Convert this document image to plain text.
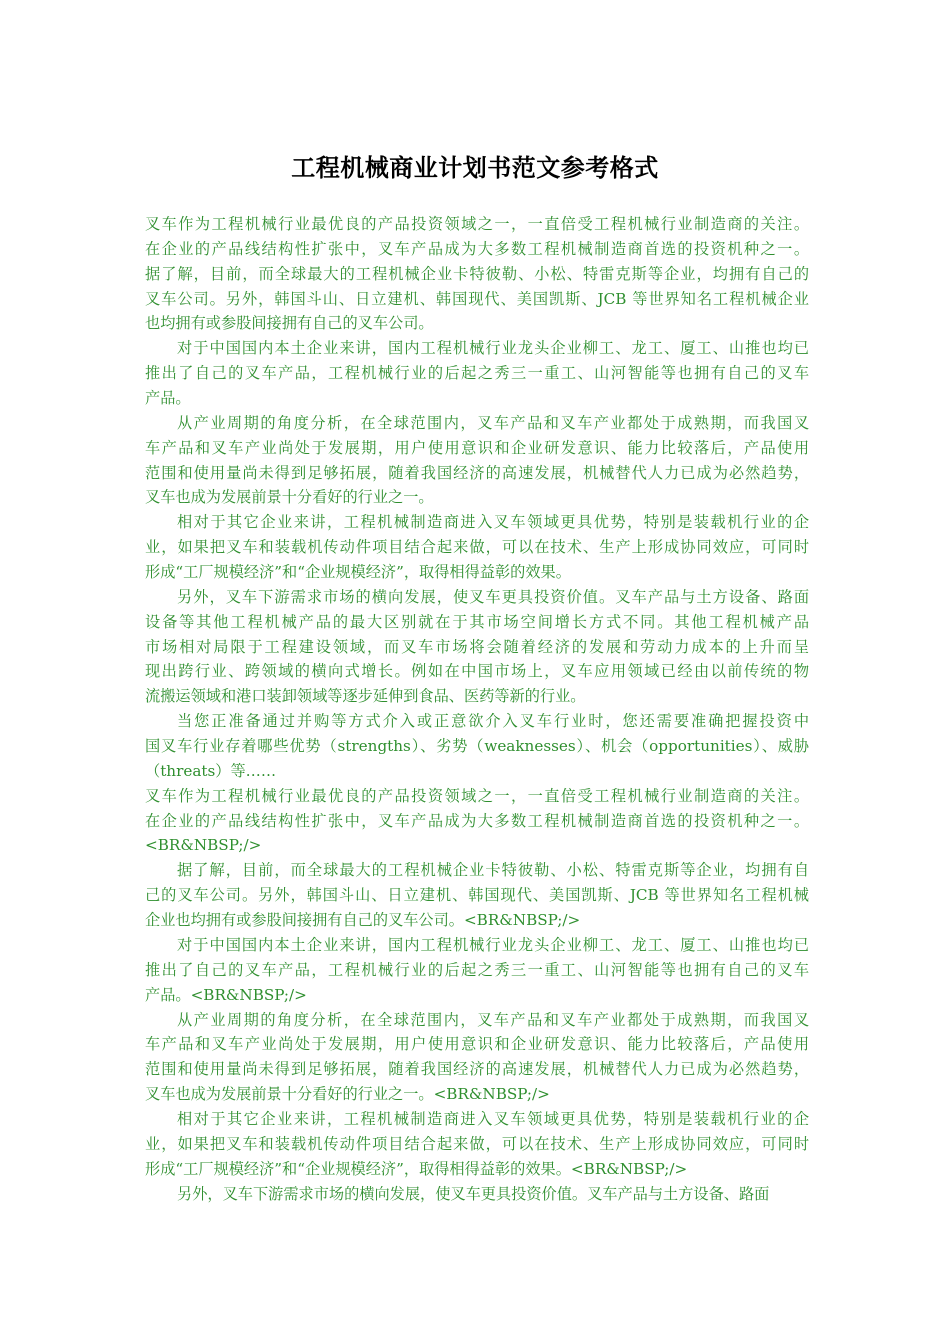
工程机械商业计划书范文参考格式
叉车作为工程机械行业最优良的产品投资领域之一，一直倍受工程机械行业制造商的关注。
在企业的产品线结构性扩张中，叉车产品成为大多数工程机械制造商首选的投资机种之一。
据了解，目前，而全球最大的工程机械企业卡特彼勒、小松、特雷克斯等企业，均拥有自己的
叉车公司。另外，韩国斗山、日立建机、韩国现代、美国凯斯、JCB 等世界知名工程机械企业
也均拥有或参股间接拥有自己的叉车公司。
对于中国国内本土企业来讲，国内工程机械行业龙头企业柳工、龙工、厦工、山推也均已
推出了自己的叉车产品，工程机械行业的后起之秀三一重工、山河智能等也拥有自己的叉车
产品。
从产业周期的角度分析，在全球范围内，叉车产品和叉车产业都处于成熟期，而我国叉
车产品和叉车产业尚处于发展期，用户使用意识和企业研发意识、能力比较落后，产品使用
范围和使用量尚未得到足够拓展，随着我国经济的高速发展，机械替代人力已成为必然趋势，
叉车也成为发展前景十分看好的行业之一。
相对于其它企业来讲，工程机械制造商进入叉车领域更具优势，特别是装载机行业的企
业，如果把叉车和装载机传动件项目结合起来做，可以在技术、生产上形成协同效应，可同时
形成“工厂规模经济”和“企业规模经济”，取得相得益彰的效果。
另外，叉车下游需求市场的横向发展，使叉车更具投资价值。叉车产品与土方设备、路面
设备等其他工程机械产品的最大区别就在于其市场空间增长方式不同。其他工程机械产品
市场相对局限于工程建设领域，而叉车市场将会随着经济的发展和劳动力成本的上升而呈
现出跨行业、跨领域的横向式增长。例如在中国市场上，叉车应用领域已经由以前传统的物
流搬运领域和港口装卸领域等逐步延伸到食品、医药等新的行业。
当您正准备通过并购等方式介入或正意欲介入叉车行业时，您还需要准确把握投资中
国叉车行业存着哪些优势（strengths）、劣势（weaknesses）、机会（opportunities）、威胁
（threats）等……
叉车作为工程机械行业最优良的产品投资领域之一，一直倍受工程机械行业制造商的关注。
在企业的产品线结构性扩张中，叉车产品成为大多数工程机械制造商首选的投资机种之一。
<BR&NBSP;/>
据了解，目前，而全球最大的工程机械企业卡特彼勒、小松、特雷克斯等企业，均拥有自
己的叉车公司。另外，韩国斗山、日立建机、韩国现代、美国凯斯、JCB 等世界知名工程机械
企业也均拥有或参股间接拥有自己的叉车公司。<BR&NBSP;/>
对于中国国内本土企业来讲，国内工程机械行业龙头企业柳工、龙工、厦工、山推也均已
推出了自己的叉车产品，工程机械行业的后起之秀三一重工、山河智能等也拥有自己的叉车
产品。<BR&NBSP;/>
从产业周期的角度分析，在全球范围内，叉车产品和叉车产业都处于成熟期，而我国叉
车产品和叉车产业尚处于发展期，用户使用意识和企业研发意识、能力比较落后，产品使用
范围和使用量尚未得到足够拓展，随着我国经济的高速发展，机械替代人力已成为必然趋势，
叉车也成为发展前景十分看好的行业之一。<BR&NBSP;/>
相对于其它企业来讲，工程机械制造商进入叉车领域更具优势，特别是装载机行业的企
业，如果把叉车和装载机传动件项目结合起来做，可以在技术、生产上形成协同效应，可同时
形成“工厂规模经济”和“企业规模经济”，取得相得益彰的效果。<BR&NBSP;/>
另外，叉车下游需求市场的横向发展，使叉车更具投资价值。叉车产品与土方设备、路面
